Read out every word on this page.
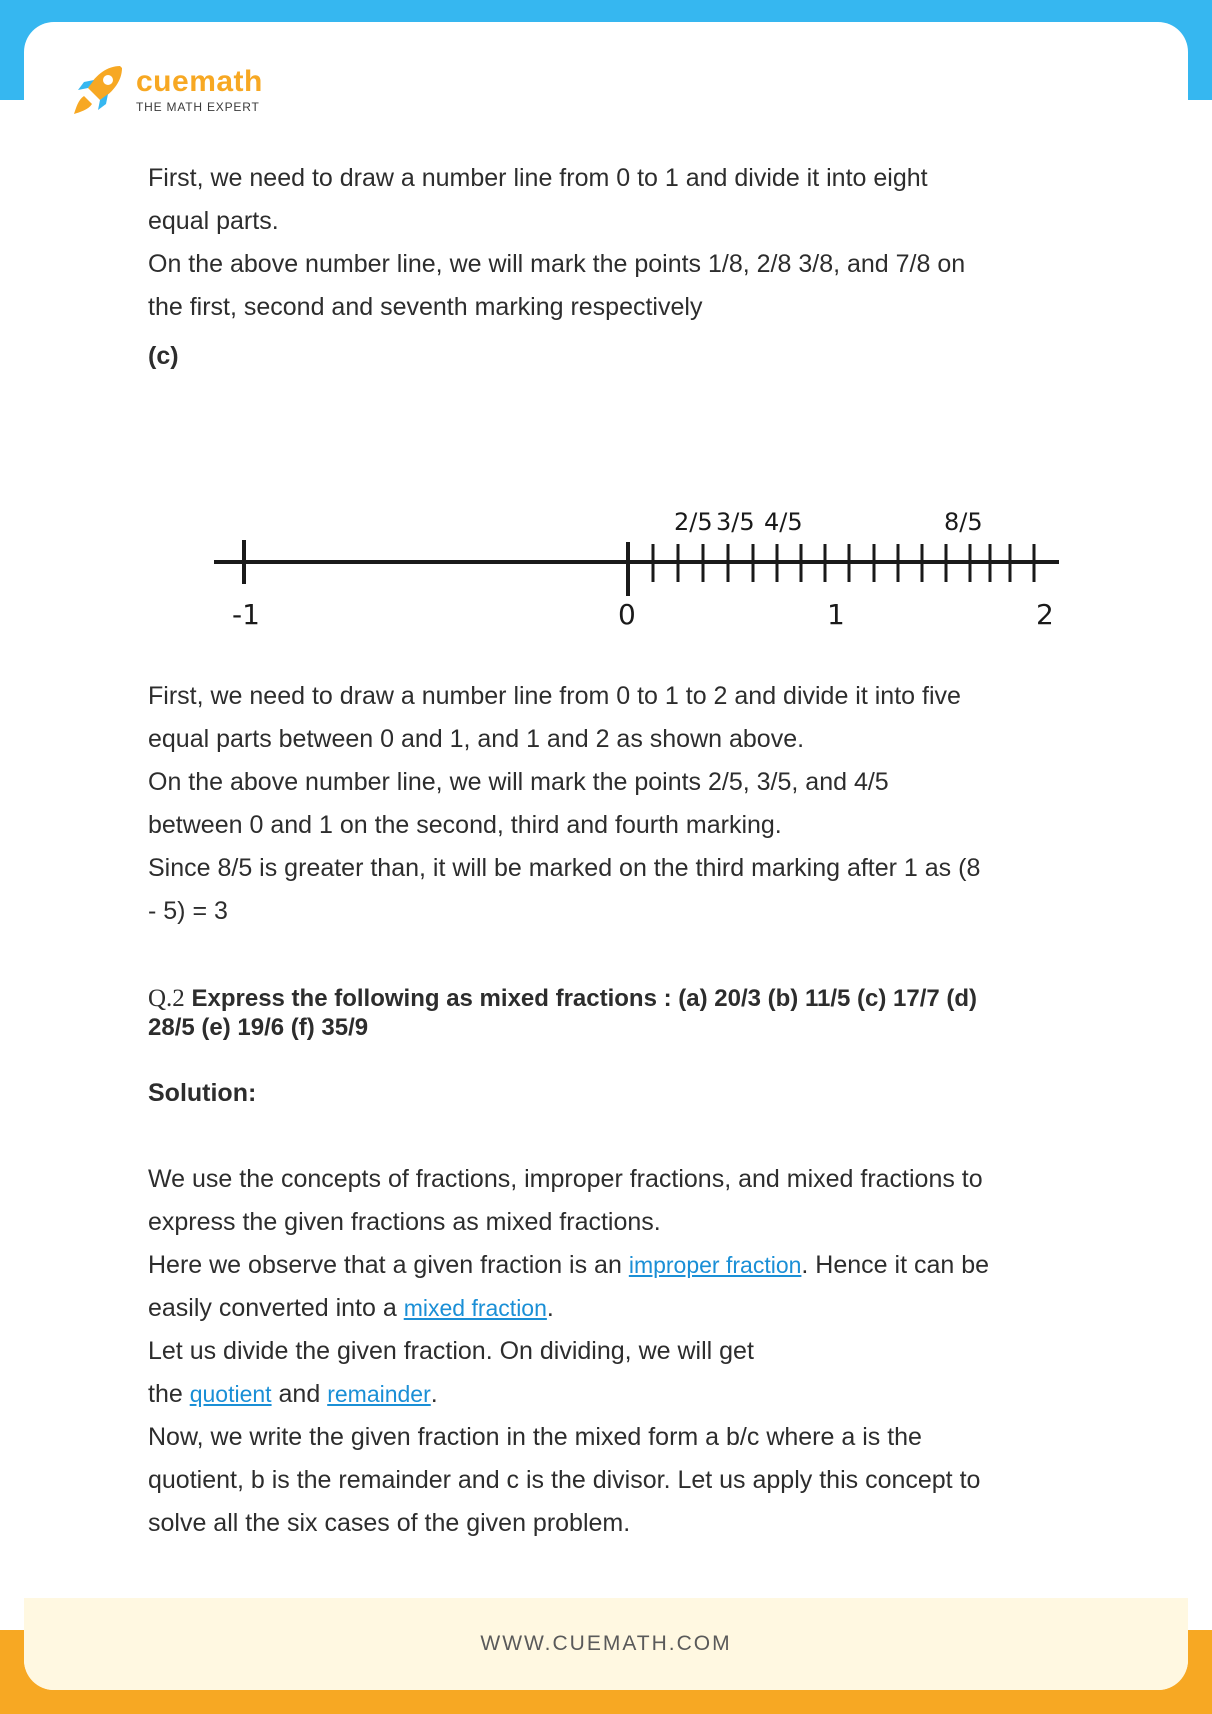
cuemath
THE MATH EXPERT

First, we need to draw a number line from 0 to 1 and divide it into eight

equal parts.

On the above number line, we will mark the points 1/8, 2/8 3/8, and 7/8 on

the first, second and seventh marking respectively

(c)

First, we need to draw a number line from 0 to 1 to 2 and divide it into five

equal parts between 0 and 1, and 1 and 2 as shown above.

On the above number line, we will mark the points 2/5, 3/5, and 4/5

between 0 and 1 on the second, third and fourth marking.

Since 8/5 is greater than, it will be marked on the third marking after 1 as (8

- 5) = 3

Q.2 Express the following as mixed fractions : (a) 20/3 (b) 11/5 (c) 17/7 (d)
28/5 (e) 19/6 (f) 35/9

Solution:

We use the concepts of fractions, improper fractions, and mixed fractions to

express the given fractions as mixed fractions.

Here we observe that a given fraction is an improper fraction. Hence it can be

easily converted into a mixed fraction.

Let us divide the given fraction. On dividing, we will get

the quotient and remainder.

Now, we write the given fraction in the mixed form a b/c where a is the

quotient, b is the remainder and c is the divisor. Let us apply this concept to

solve all the six cases of the given problem.

-1	0	1	2
2/5 3/5 4/5	8/5
WWW.CUEMATH.COM
